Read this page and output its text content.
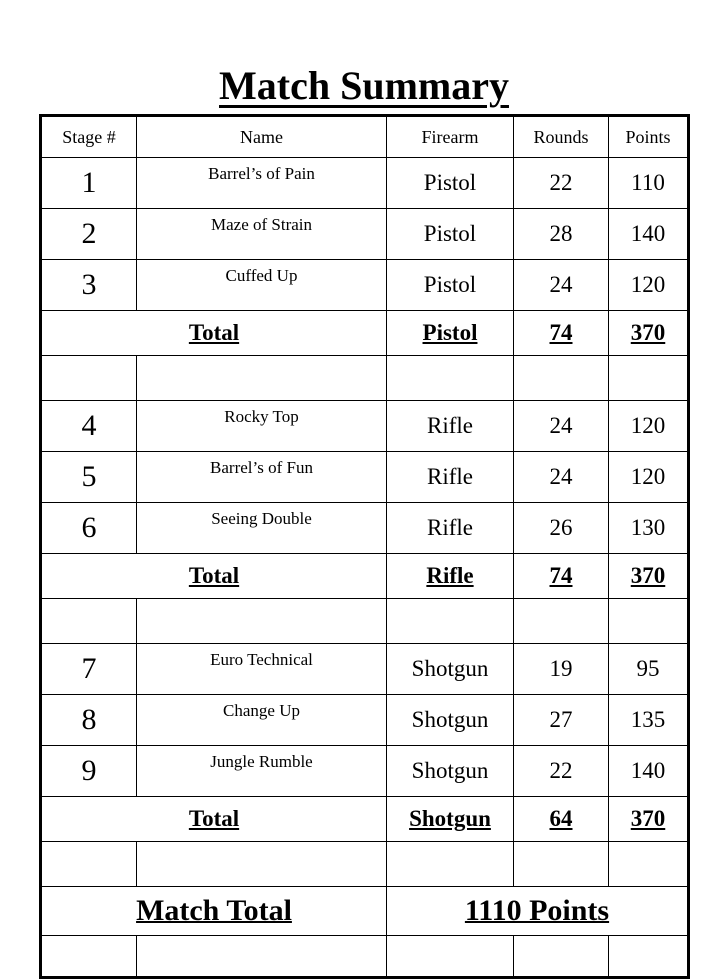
Match Summary
Stage #	Name	Firearm	Rounds	Points
1	Barrel’s of Pain	Pistol	22	110
2	Maze of Strain	Pistol	28	140
3	Cuffed Up	Pistol	24	120
Total		Pistol	74	370

4	Rocky Top	Rifle	24	120
5	Barrel’s of Fun	Rifle	24	120
6	Seeing Double	Rifle	26	130
Total		Rifle	74	370

7	Euro Technical	Shotgun	19	95
8	Change Up	Shotgun	27	135
9	Jungle Rumble	Shotgun	22	140
Total		Shotgun	64	370

Match Total		1110 Points		
